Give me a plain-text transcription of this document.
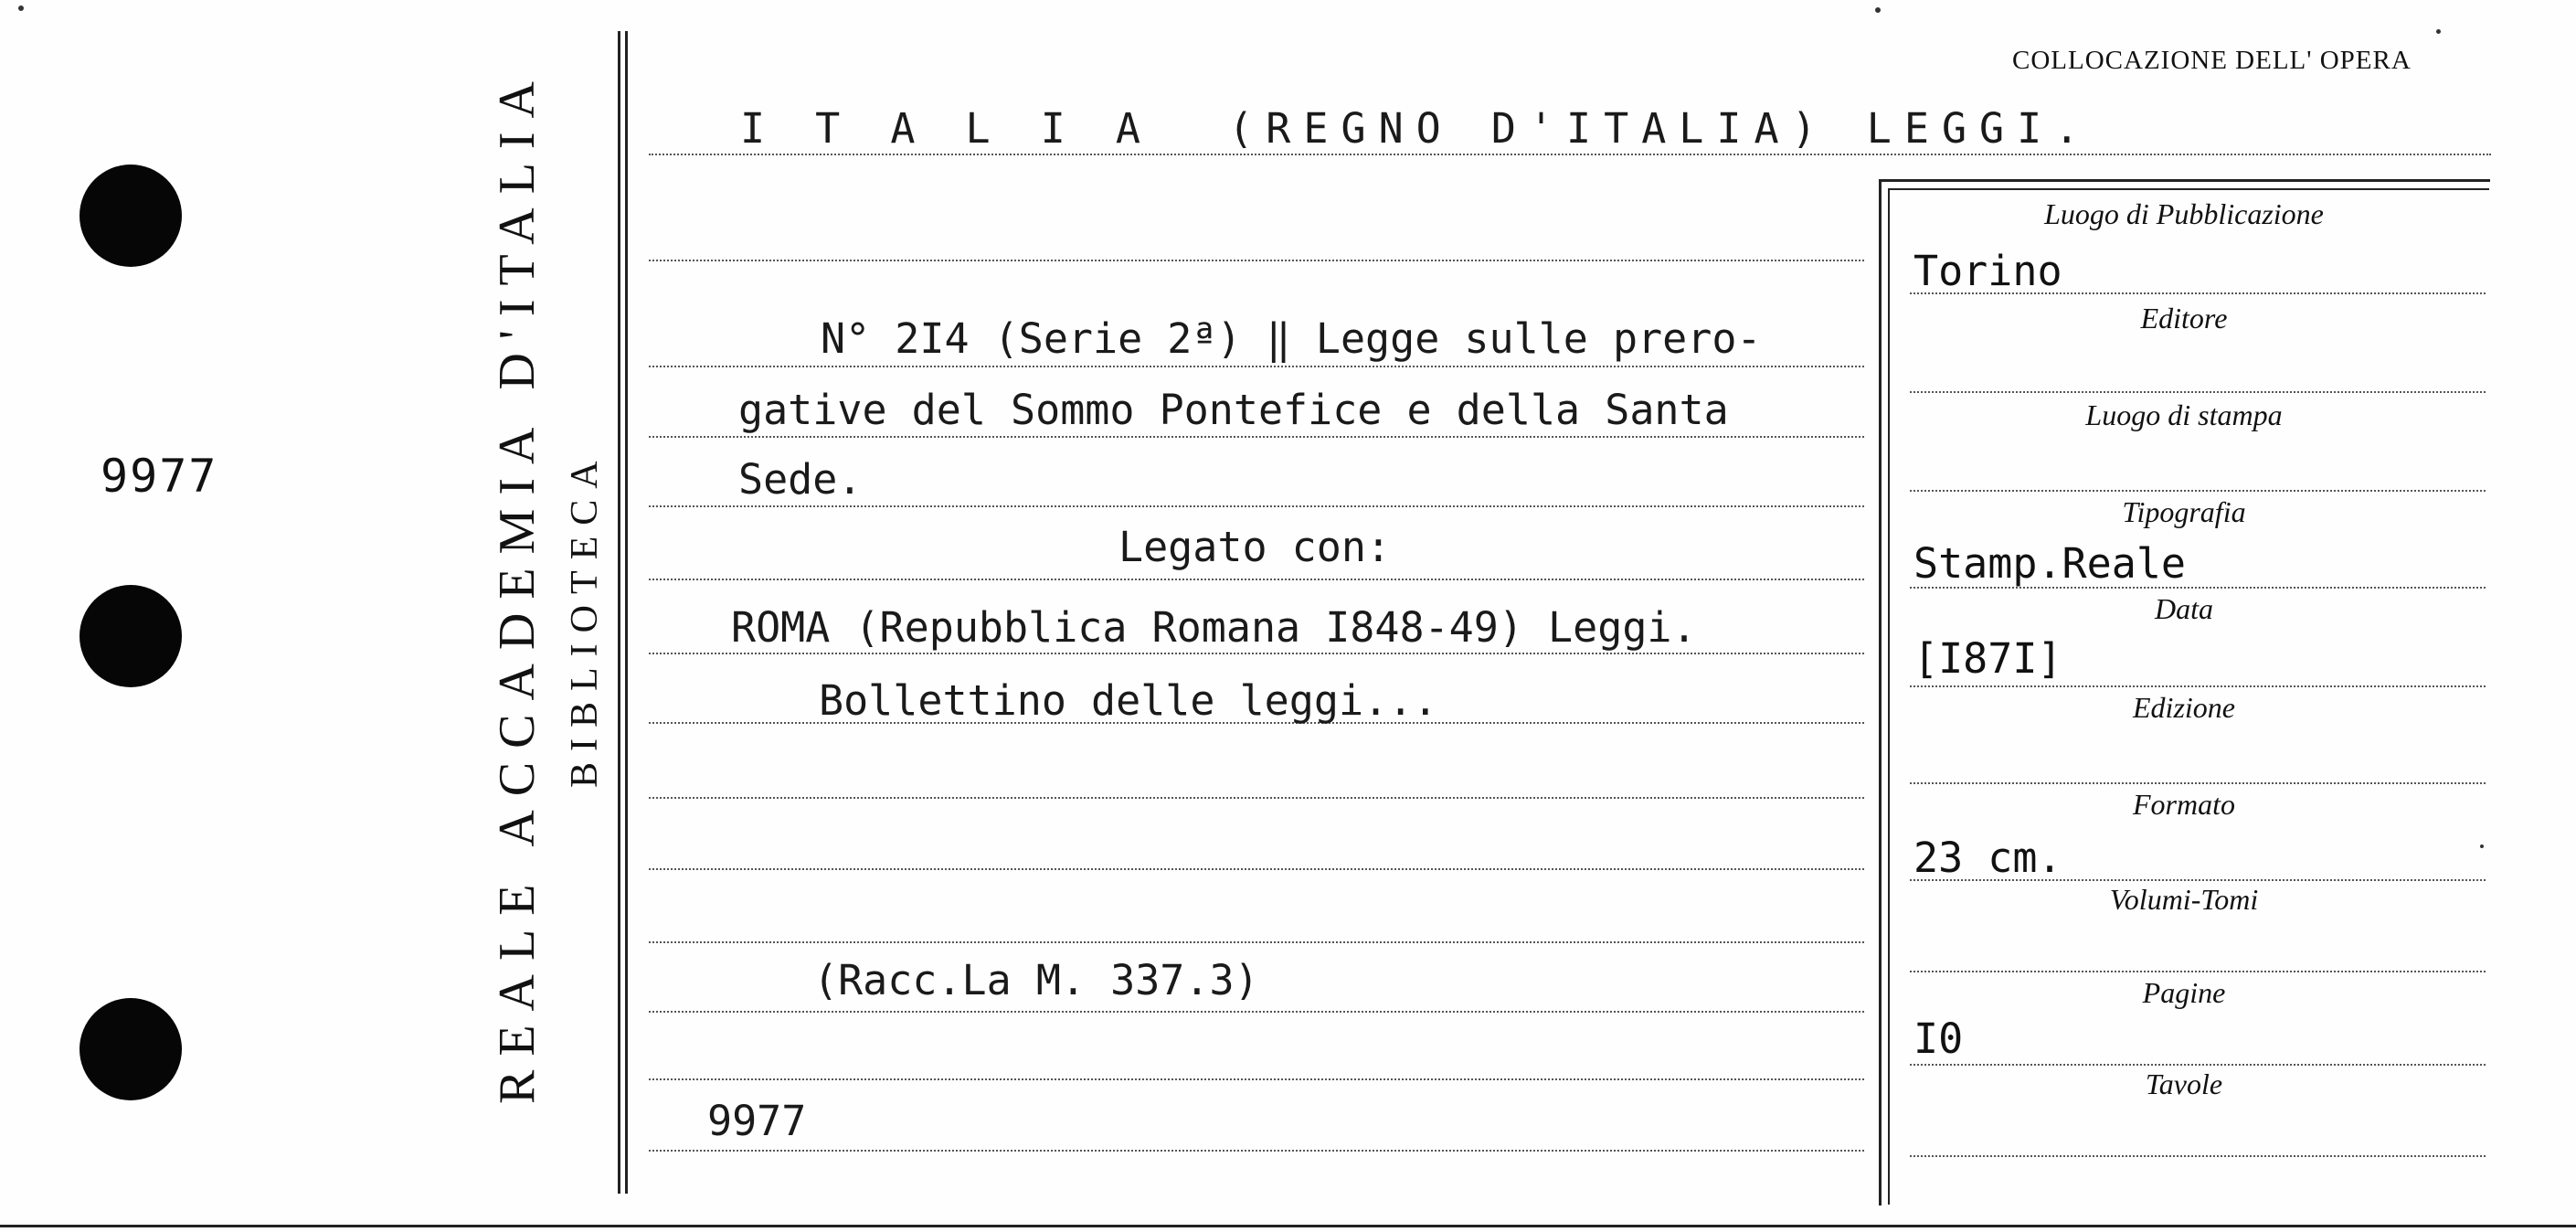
9977	REALE ACCADEMIA D'ITALIA BIBLIOTECA
COLLOCAZIONE DELL' OPERA
I T A L I A  (REGNO D'ITALIA) LEGGI.
N° 2I4 (Serie 2ª) ‖ Legge sulle prero-
gative del Sommo Pontefice e della Santa
Sede.
Legato con:
ROMA (Repubblica Romana I848-49) Leggi.
Bollettino delle leggi...
(Racc.La M. 337.3)
9977
Luogo di Pubblicazione
Editore
Luogo di stampa
Tipografia
Data
Edizione
Formato
Volumi-Tomi
Pagine
Tavole
Torino
Stamp.Reale
[I87I]
23 cm.
I0
